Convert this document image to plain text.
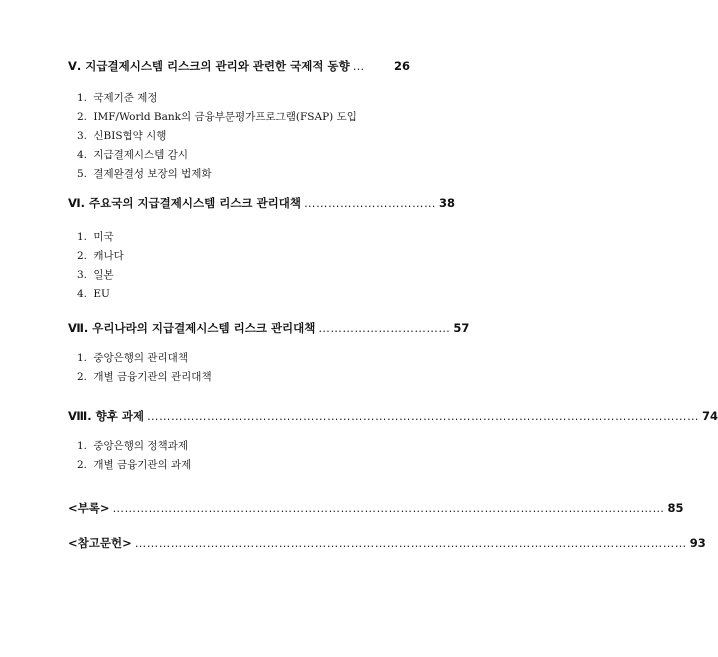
Ⅴ. 지급결제시스템 리스크의 관리와 관련한 국제적 동향 …	26
1. 국제기준 제정
2. IMF/World Bank의 금융부문평가프로그램(FSAP) 도입
3. 신BIS협약 시행
4. 지급결제시스템 감시
5. 결제완결성 보장의 법제화
Ⅵ. 주요국의 지급결제시스템 리스크 관리대책 …………………………… 38
1. 미국
2. 캐나다
3. 일본
4. EU
Ⅶ. 우리나라의 지급결제시스템 리스크 관리대책 …………………………… 57
1. 중앙은행의 관리대책
2. 개별 금융기관의 관리대책
Ⅷ. 향후 과제 ………………………………………………………………………………………………………………………… 74
1. 중앙은행의 정책과제
2. 개별 금융기관의 과제
<부록> ………………………………………………………………………………………………………………………… 85
<참고문헌> ………………………………………………………………………………………………………………………… 93
